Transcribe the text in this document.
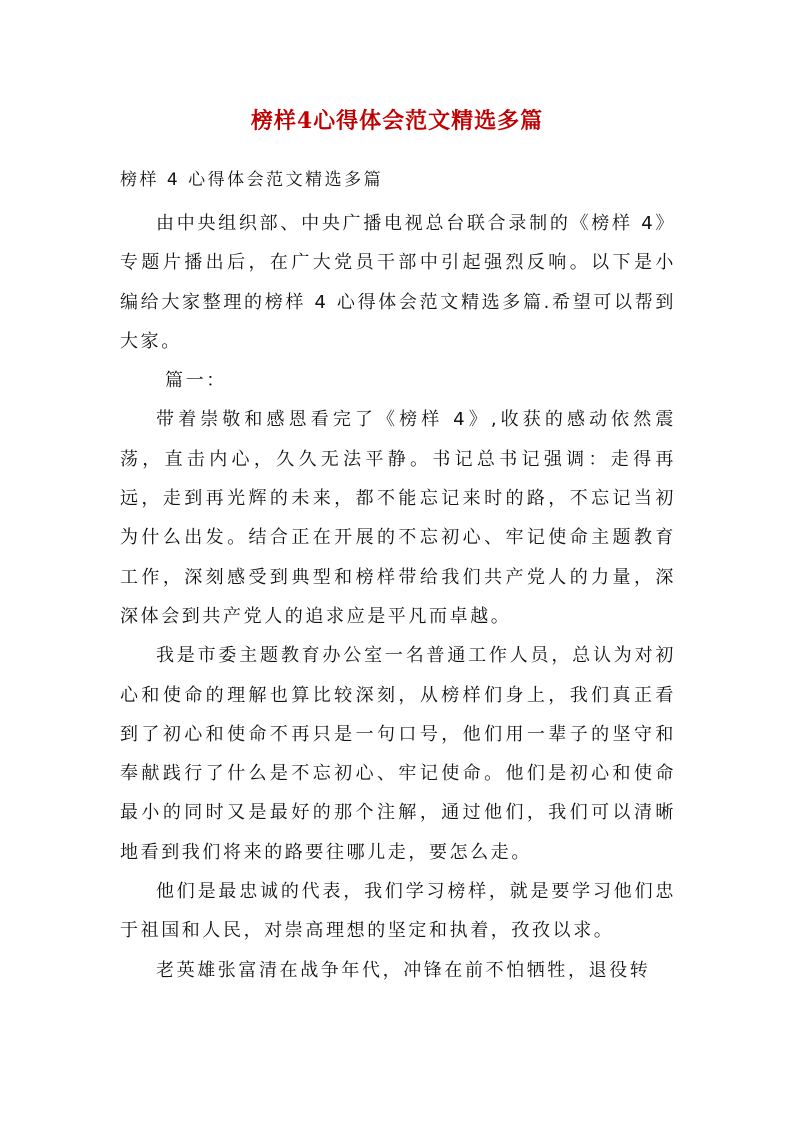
榜样4心得体会范文精选多篇
榜样 4 心得体会范文精选多篇

由中央组织部、中央广播电视总台联合录制的《榜样 4》专题片播出后，在广大党员干部中引起强烈反响。以下是小编给大家整理的榜样 4 心得体会范文精选多篇.希望可以帮到大家。

篇一：

带着崇敬和感恩看完了《榜样 4》,收获的感动依然震荡，直击内心，久久无法平静。书记总书记强调：走得再远，走到再光辉的未来，都不能忘记来时的路，不忘记当初为什么出发。结合正在开展的不忘初心、牢记使命主题教育工作，深刻感受到典型和榜样带给我们共产党人的力量，深深体会到共产党人的追求应是平凡而卓越。

我是市委主题教育办公室一名普通工作人员，总认为对初心和使命的理解也算比较深刻，从榜样们身上，我们真正看到了初心和使命不再只是一句口号，他们用一辈子的坚守和奉献践行了什么是不忘初心、牢记使命。他们是初心和使命最小的同时又是最好的那个注解，通过他们，我们可以清晰地看到我们将来的路要往哪儿走，要怎么走。

他们是最忠诚的代表，我们学习榜样，就是要学习他们忠于祖国和人民，对崇高理想的坚定和执着，孜孜以求。

老英雄张富清在战争年代，冲锋在前不怕牺牲，退役转
